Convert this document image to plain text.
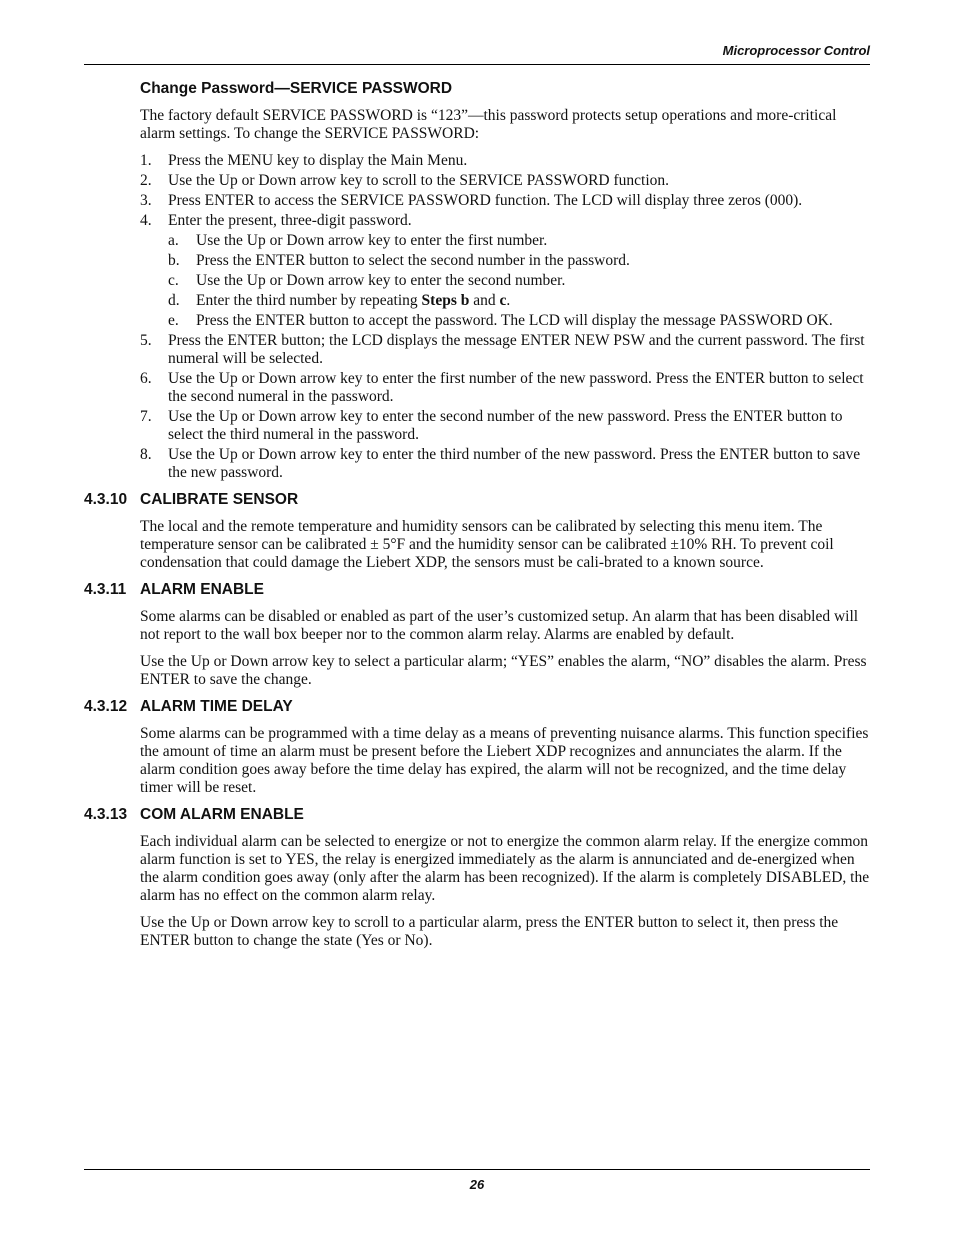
Microprocessor Control
Change Password—SERVICE PASSWORD

The factory default SERVICE PASSWORD is “123”—this password protects setup operations and more-critical alarm settings. To change the SERVICE PASSWORD:

1. Press the MENU key to display the Main Menu.
2. Use the Up or Down arrow key to scroll to the SERVICE PASSWORD function.
3. Press ENTER to access the SERVICE PASSWORD function. The LCD will display three zeros (000).
4. Enter the present, three-digit password.
a. Use the Up or Down arrow key to enter the first number.
b. Press the ENTER button to select the second number in the password.
c. Use the Up or Down arrow key to enter the second number.
d. Enter the third number by repeating Steps b and c.
e. Press the ENTER button to accept the password. The LCD will display the message PASSWORD OK.
5. Press the ENTER button; the LCD displays the message ENTER NEW PSW and the current password. The first numeral will be selected.
6. Use the Up or Down arrow key to enter the first number of the new password. Press the ENTER button to select the second numeral in the password.
7. Use the Up or Down arrow key to enter the second number of the new password. Press the ENTER button to select the third numeral in the password.
8. Use the Up or Down arrow key to enter the third number of the new password. Press the ENTER button to save the new password.
4.3.10 CALIBRATE SENSOR

The local and the remote temperature and humidity sensors can be calibrated by selecting this menu item. The temperature sensor can be calibrated ± 5°F and the humidity sensor can be calibrated ±10% RH. To prevent coil condensation that could damage the Liebert XDP, the sensors must be cali-brated to a known source.

4.3.11 ALARM ENABLE

Some alarms can be disabled or enabled as part of the user’s customized setup. An alarm that has been disabled will not report to the wall box beeper nor to the common alarm relay. Alarms are enabled by default.

Use the Up or Down arrow key to select a particular alarm; “YES” enables the alarm, “NO” disables the alarm. Press ENTER to save the change.

4.3.12 ALARM TIME DELAY

Some alarms can be programmed with a time delay as a means of preventing nuisance alarms. This function specifies the amount of time an alarm must be present before the Liebert XDP recognizes and annunciates the alarm. If the alarm condition goes away before the time delay has expired, the alarm will not be recognized, and the time delay timer will be reset.

4.3.13 COM ALARM ENABLE

Each individual alarm can be selected to energize or not to energize the common alarm relay. If the energize common alarm function is set to YES, the relay is energized immediately as the alarm is annunciated and de-energized when the alarm condition goes away (only after the alarm has been recognized). If the alarm is completely DISABLED, the alarm has no effect on the common alarm relay.

Use the Up or Down arrow key to scroll to a particular alarm, press the ENTER button to select it, then press the ENTER button to change the state (Yes or No).

26
